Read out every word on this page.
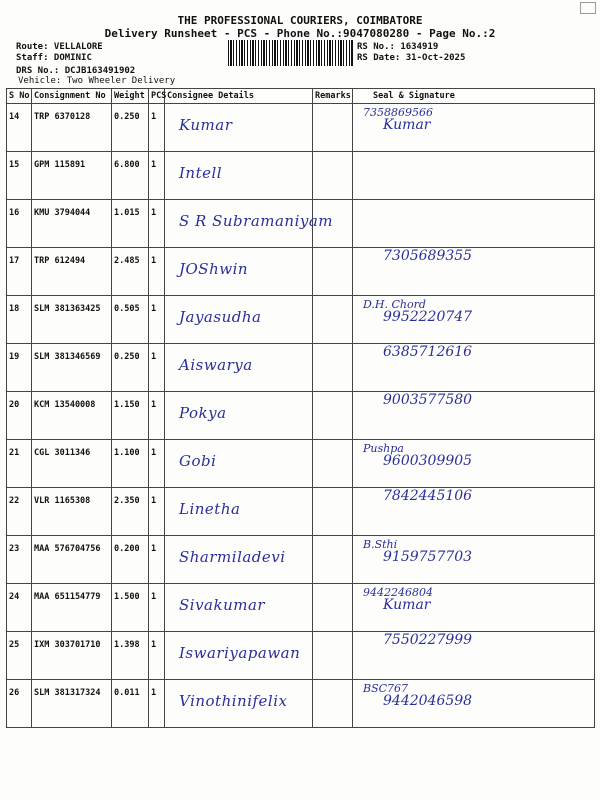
THE PROFESSIONAL COURIERS, COIMBATORE
Delivery Runsheet - PCS - Phone No.:9047080280 - Page No.:2
Route: VELLALORE
Staff: DOMINIC
DRS No.: DCJB163491902
Vehicle: Two Wheeler Delivery
RS No.: 1634919
RS Date: 31-Oct-2025
S No	Consignment No	Weight	PCS	Consignee Details	Remarks	Seal & Signature
14	TRP 6370128	0.250	1	Kumar		7358869566
Kumar

15	GPM 115891	6.800	1	Intell		

16	KMU 3794044	1.015	1	S R Subramaniyam		

17	TRP 612494	2.485	1	JOShwin		7305689355

18	SLM 381363425	0.505	1	Jayasudha		D.H. Chord
9952220747

19	SLM 381346569	0.250	1	Aiswarya		6385712616

20	KCM 13540008	1.150	1	Pokya		9003577580

21	CGL 3011346	1.100	1	Gobi		Pushpa
9600309905

22	VLR 1165308	2.350	1	Linetha		7842445106

23	MAA 576704756	0.200	1	Sharmiladevi		B.Sthi
9159757703

24	MAA 651154779	1.500	1	Sivakumar		9442246804
Kumar

25	IXM 303701710	1.398	1	Iswariyapawan		7550227999

26	SLM 381317324	0.011	1	Vinothinifelix		BSC767
9442046598
